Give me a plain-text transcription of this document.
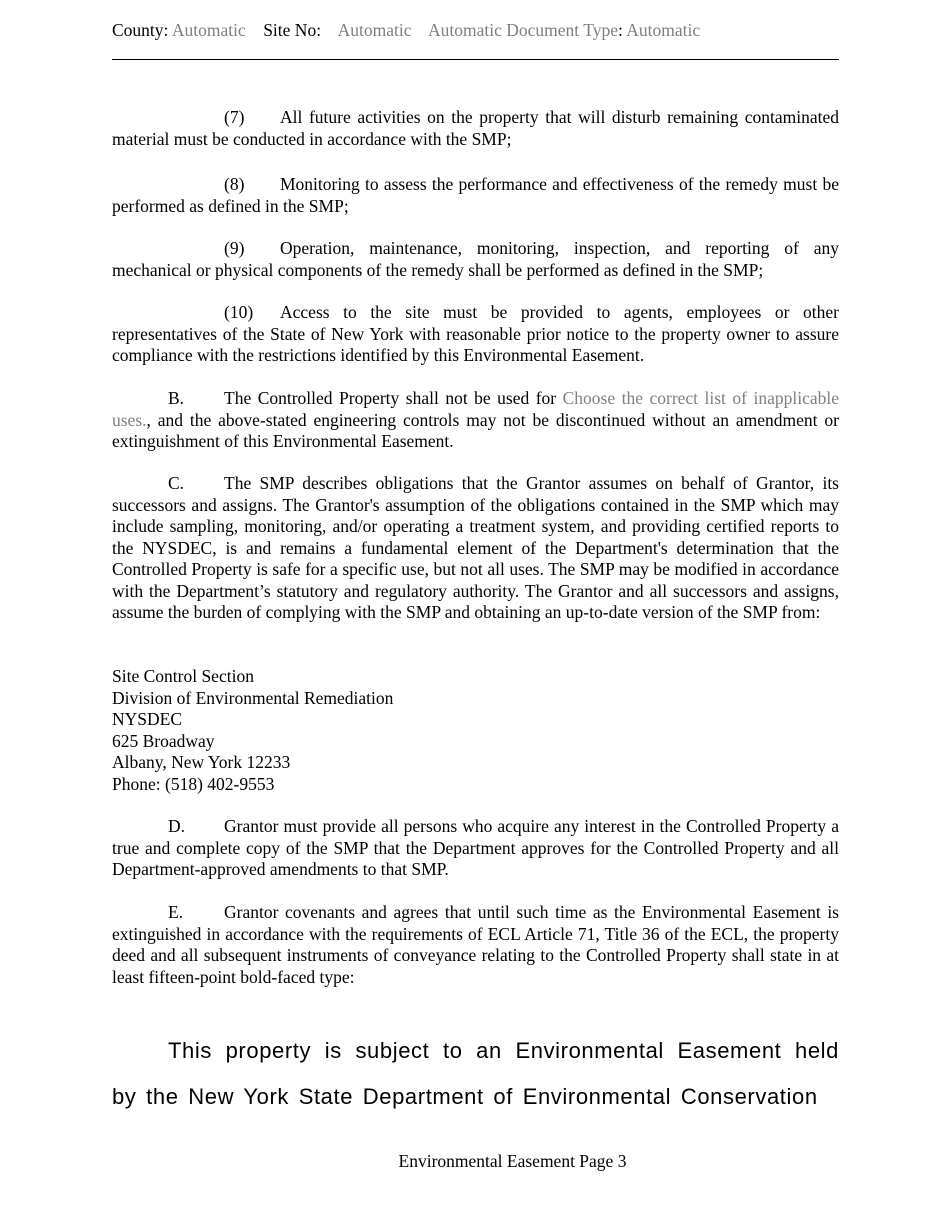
County: Automatic Site No: Automatic Automatic Document Type: Automatic
(7) All future activities on the property that will disturb remaining contaminated material must be conducted in accordance with the SMP;
(8) Monitoring to assess the performance and effectiveness of the remedy must be performed as defined in the SMP;
(9) Operation, maintenance, monitoring, inspection, and reporting of any mechanical or physical components of the remedy shall be performed as defined in the SMP;
(10) Access to the site must be provided to agents, employees or other representatives of the State of New York with reasonable prior notice to the property owner to assure compliance with the restrictions identified by this Environmental Easement.
B. The Controlled Property shall not be used for Choose the correct list of inapplicable uses., and the above-stated engineering controls may not be discontinued without an amendment or extinguishment of this Environmental Easement.
C. The SMP describes obligations that the Grantor assumes on behalf of Grantor, its successors and assigns. The Grantor's assumption of the obligations contained in the SMP which may include sampling, monitoring, and/or operating a treatment system, and providing certified reports to the NYSDEC, is and remains a fundamental element of the Department's determination that the Controlled Property is safe for a specific use, but not all uses. The SMP may be modified in accordance with the Department’s statutory and regulatory authority. The Grantor and all successors and assigns, assume the burden of complying with the SMP and obtaining an up-to-date version of the SMP from:
Site Control Section
Division of Environmental Remediation
NYSDEC
625 Broadway
Albany, New York 12233
Phone: (518) 402-9553
D. Grantor must provide all persons who acquire any interest in the Controlled Property a true and complete copy of the SMP that the Department approves for the Controlled Property and all Department-approved amendments to that SMP.
E. Grantor covenants and agrees that until such time as the Environmental Easement is extinguished in accordance with the requirements of ECL Article 71, Title 36 of the ECL, the property deed and all subsequent instruments of conveyance relating to the Controlled Property shall state in at least fifteen-point bold-faced type:
This property is subject to an Environmental Easement held by the New York State Department of Environmental Conservation
Environmental Easement Page 3
